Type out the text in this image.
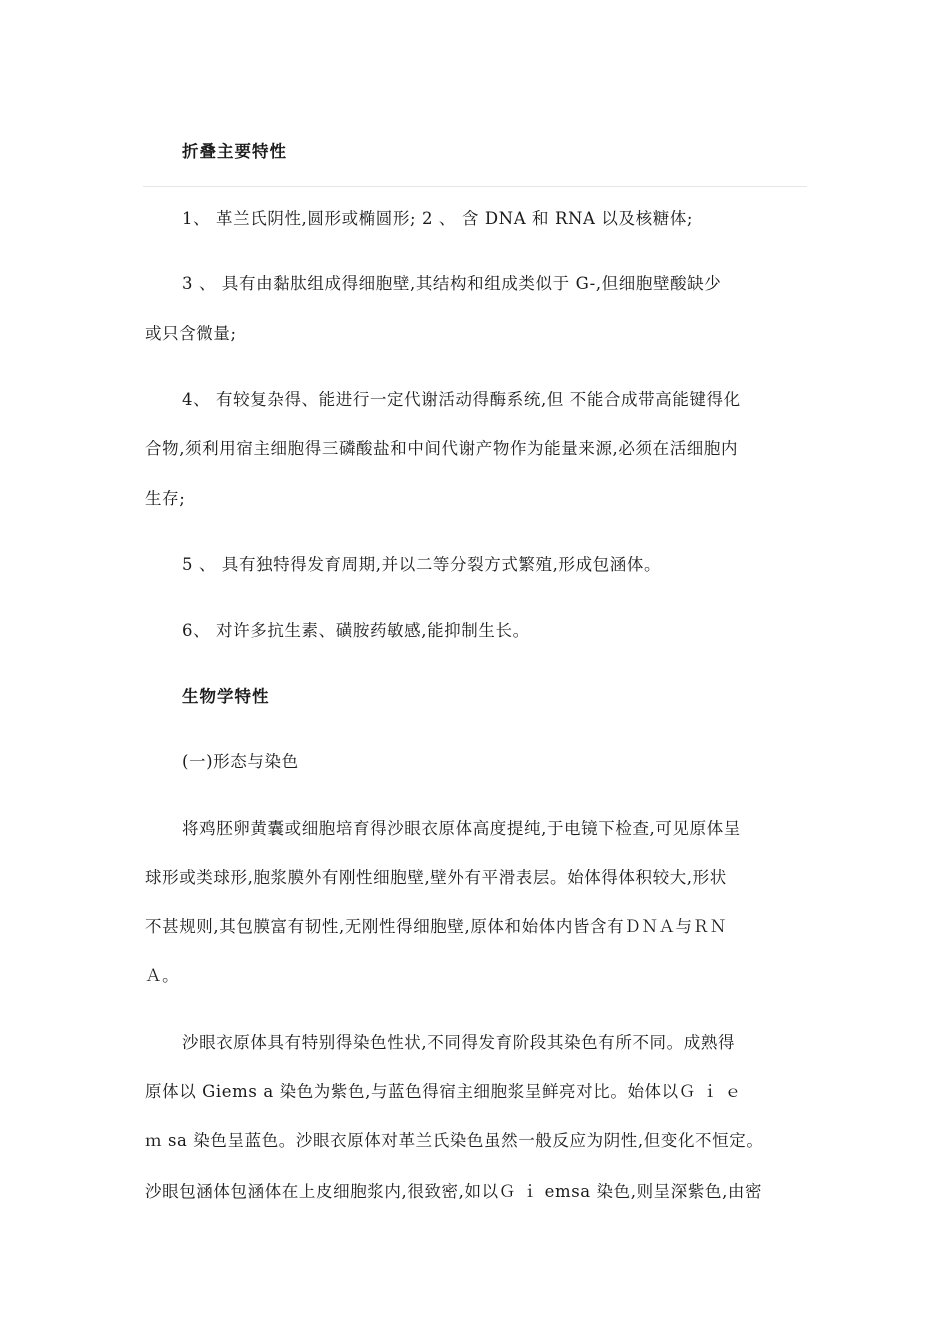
折叠主要特性
1、 革兰氏阴性,圆形或椭圆形; 2 、 含 DNA 和 RNA 以及核糖体;
3 、 具有由黏肽组成得细胞壁,其结构和组成类似于 G-,但细胞壁酸缺少
或只含微量;
4、 有较复杂得、能进行一定代谢活动得酶系统,但 不能合成带高能键得化
合物,须利用宿主细胞得三磷酸盐和中间代谢产物作为能量来源,必须在活细胞内
生存;
5 、 具有独特得发育周期,并以二等分裂方式繁殖,形成包涵体。
6、 对许多抗生素、磺胺药敏感,能抑制生长。
生物学特性
(一)形态与染色
将鸡胚卵黄囊或细胞培育得沙眼衣原体高度提纯,于电镜下检查,可见原体呈
球形或类球形,胞浆膜外有刚性细胞壁,壁外有平滑表层。始体得体积较大,形状
不甚规则,其包膜富有韧性,无刚性得细胞壁,原体和始体内皆含有ＤＮＡ与ＲＮ
Ａ。
沙眼衣原体具有特别得染色性状,不同得发育阶段其染色有所不同。成熟得
原体以 Giems a 染色为紫色,与蓝色得宿主细胞浆呈鲜亮对比。始体以Ｇ ｉ ｅ
ｍ sa 染色呈蓝色。沙眼衣原体对革兰氏染色虽然一般反应为阴性,但变化不恒定。
沙眼包涵体包涵体在上皮细胞浆内,很致密,如以Ｇ ｉ emsa 染色,则呈深紫色,由密
